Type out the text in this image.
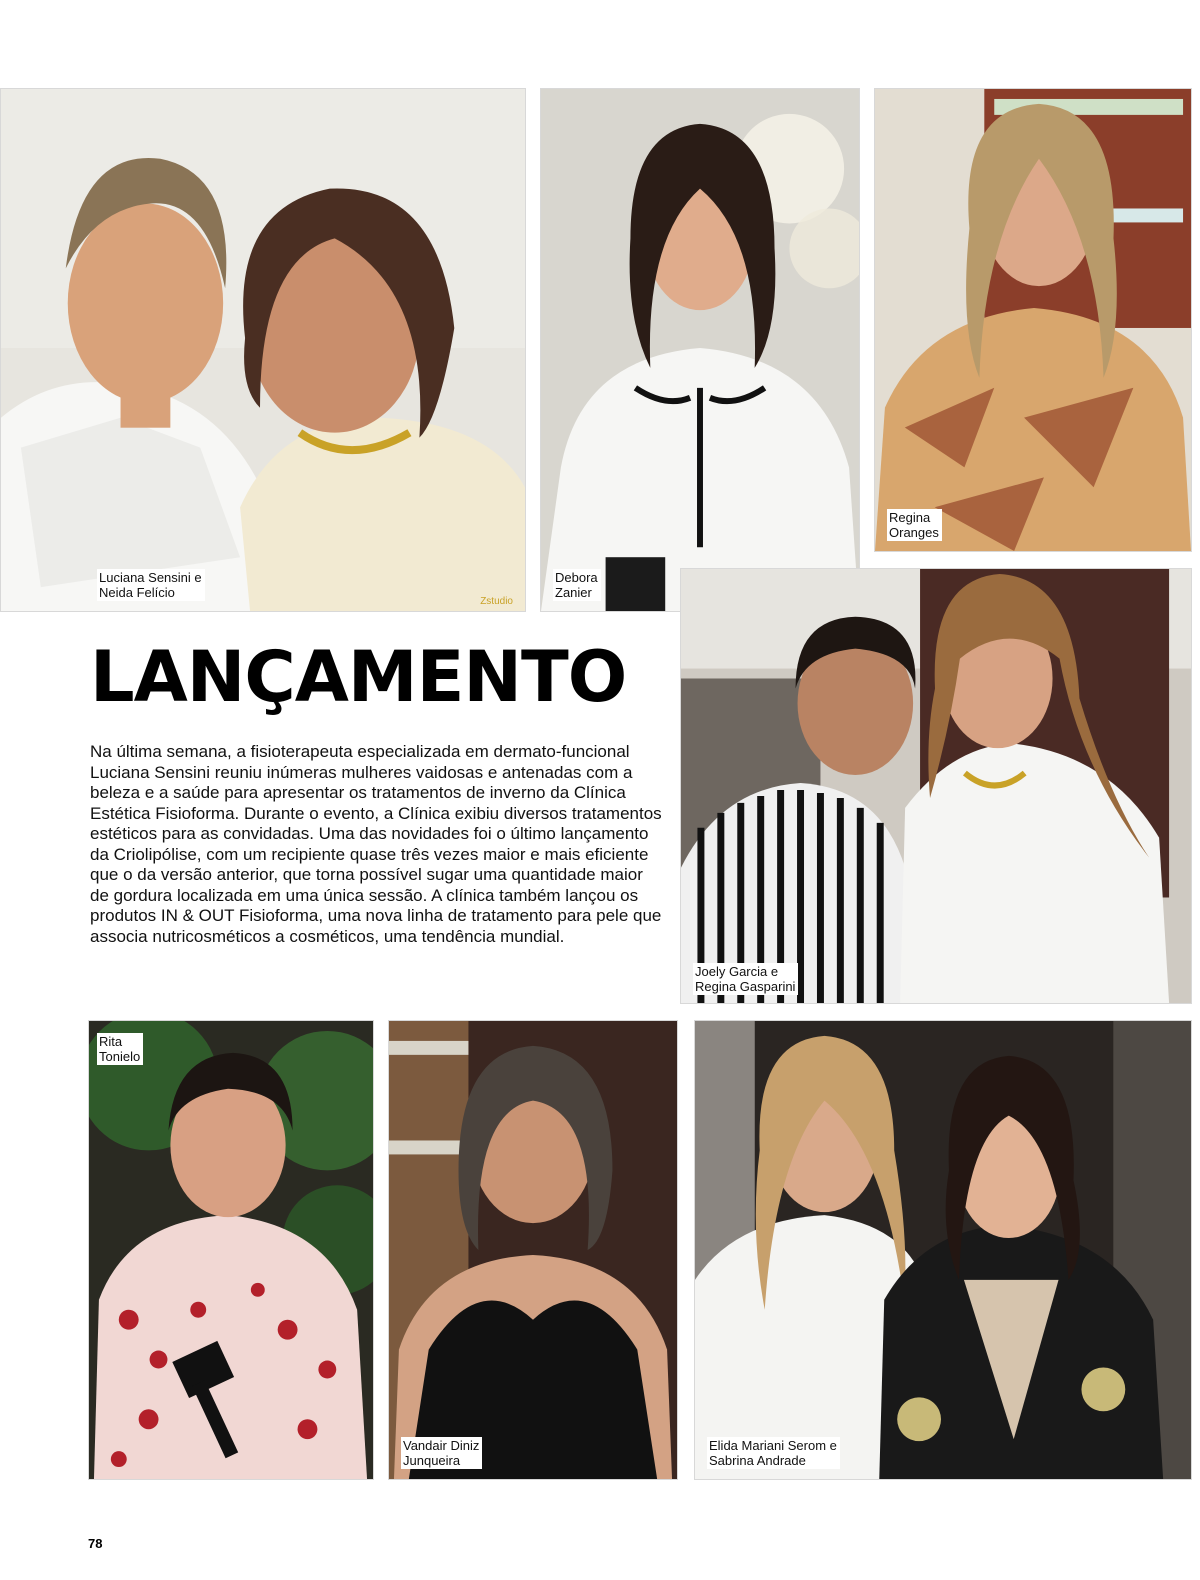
Luciana Sensini e
Neida Felício
Zstudio
Debora
Zanier
Regina
Oranges
LANÇAMENTO

Na última semana, a fisioterapeuta especializada em dermato-funcional Luciana Sensini reuniu inúmeras mulheres vaidosas e antenadas com a beleza e a saúde para apresentar os tratamentos de inverno da Clínica Estética Fisioforma. Durante o evento, a Clínica exibiu diversos tratamentos estéticos para as convidadas. Uma das novidades foi o último lançamento da Criolipólise, com um recipiente quase três vezes maior e mais eficiente que o da versão anterior, que torna possível sugar uma quantidade maior de gordura localizada em uma única sessão. A clínica também lançou os produtos IN & OUT Fisioforma, uma nova linha de tratamento para pele que associa nutricosméticos a cosméticos, uma tendência mundial.

Joely Garcia e
Regina Gasparini
Rita
Tonielo
Vandair Diniz
Junqueira
Elida Mariani Serom e
Sabrina Andrade
78
